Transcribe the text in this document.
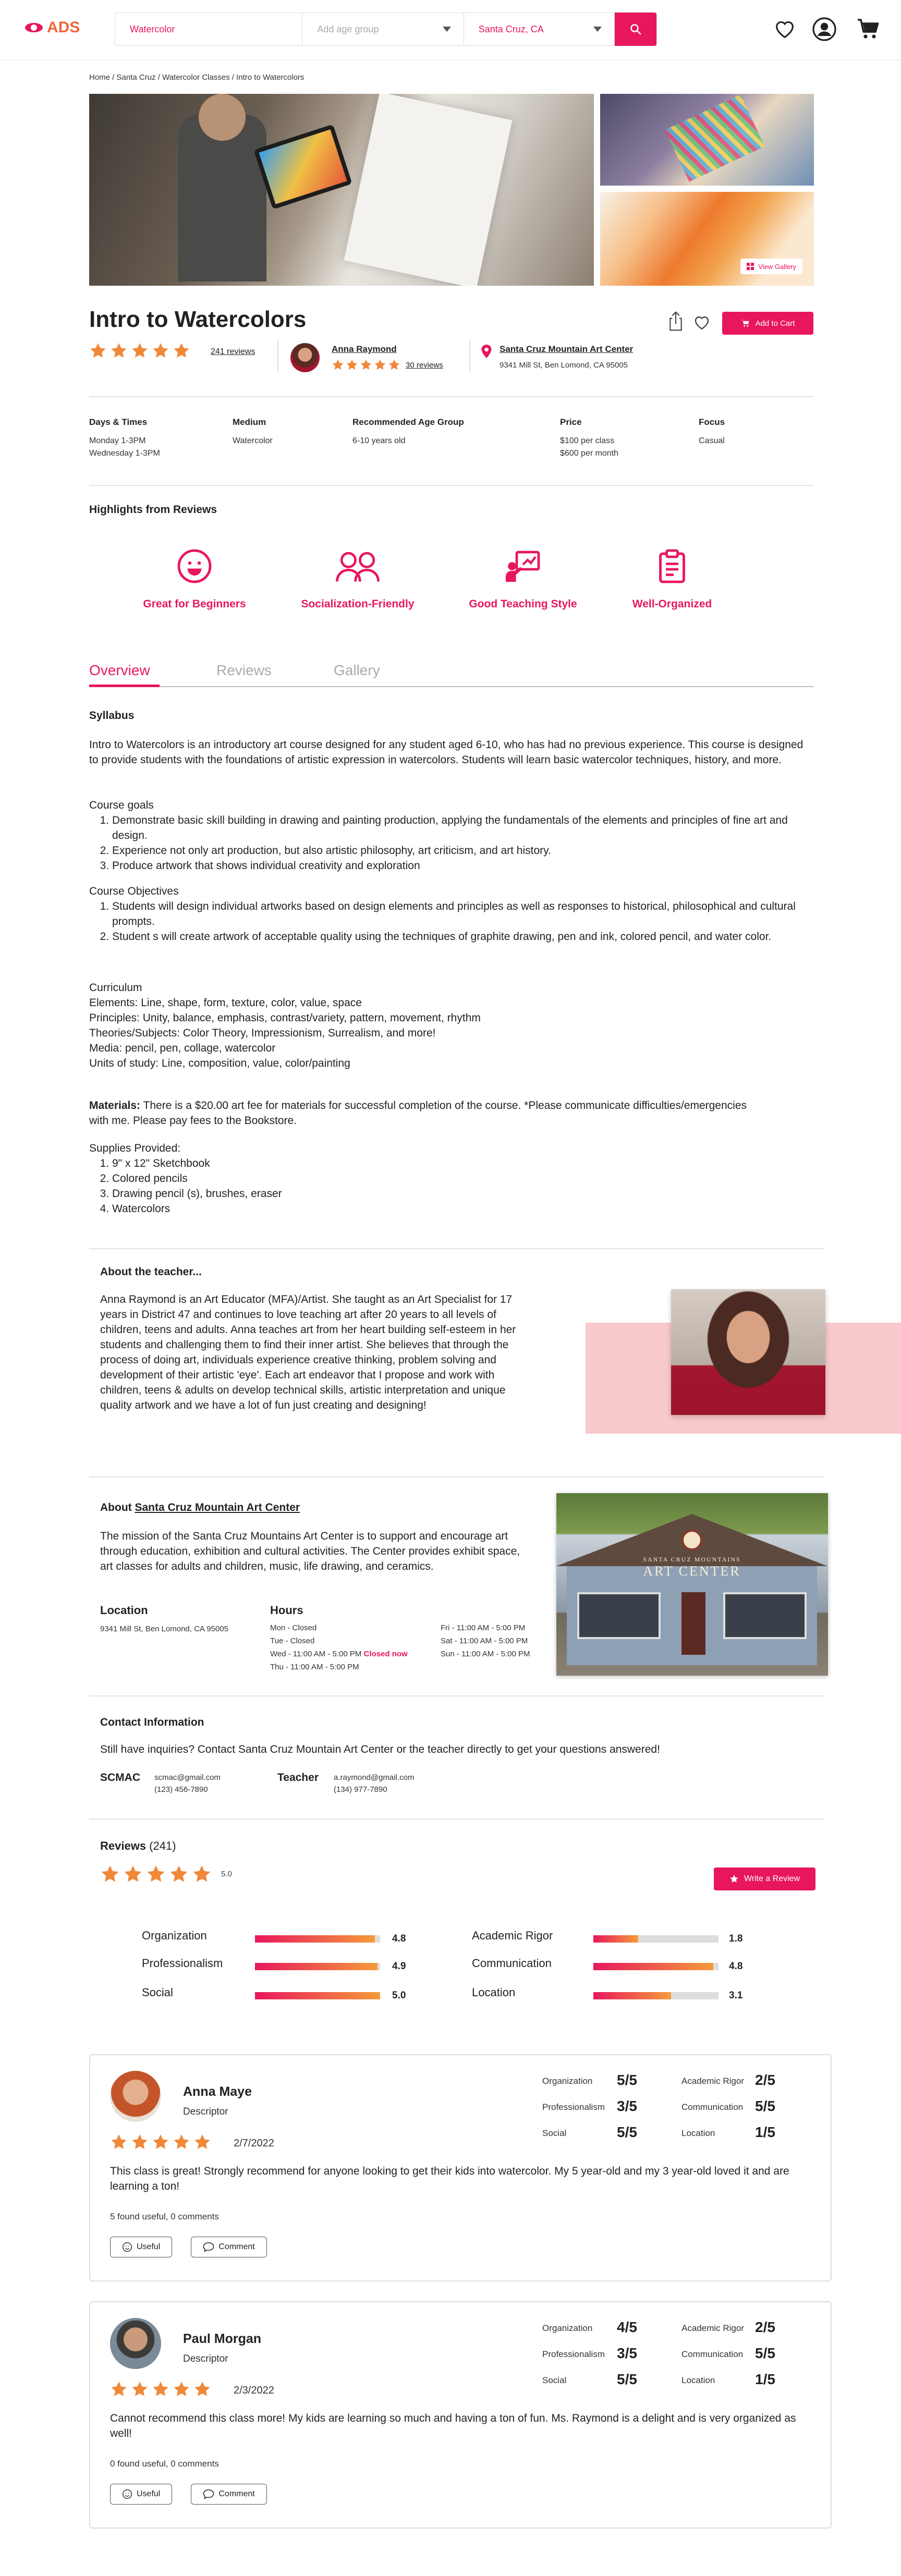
ADS	Watercolor	Add age group	Santa Cruz, CA
Home / Santa Cruz / Watercolor Classes / Intro to Watercolors
View Gallery
Intro to Watercolors
241 reviews	Anna Raymond
30 reviews
Santa Cruz Mountain Art Center
9341 Mill St, Ben Lomond, CA 95005
Add to Cart
Days & Times
Monday 1-3PM
Wednesday 1-3PM
Medium
Watercolor
Recommended Age Group
6-10 years old
Price
$100 per class
$600 per month
Focus
Casual
Highlights from Reviews
Great for Beginners	Socialization-Friendly	Good Teaching Style	Well-Organized
Overview	Reviews	Gallery
Syllabus
Intro to Watercolors is an introductory art course designed for any student aged 6-10, who has had no previous experience. This course is designed to provide students with the foundations of artistic expression in watercolors. Students will learn basic watercolor techniques, history, and more.
Course goals
1. Demonstrate basic skill building in drawing and painting production, applying the fundamentals of the elements and principles of fine art and design.
2. Experience not only art production, but also artistic philosophy, art criticism, and art history.
3. Produce artwork that shows individual creativity and exploration
Course Objectives
1. Students will design individual artworks based on design elements and principles as well as responses to historical, philosophical and cultural prompts.
2. Student s will create artwork of acceptable quality using the techniques of graphite drawing, pen and ink, colored pencil, and water color.
Curriculum
Elements: Line, shape, form, texture, color, value, space
Principles: Unity, balance, emphasis, contrast/variety, pattern, movement, rhythm
Theories/Subjects: Color Theory, Impressionism, Surrealism, and more!
Media: pencil, pen, collage, watercolor
Units of study: Line, composition, value, color/painting
Materials: There is a $20.00 art fee for materials for successful completion of the course. *Please communicate difficulties/emergencies with me. Please pay fees to the Bookstore.
Supplies Provided:
1. 9" x 12" Sketchbook
2. Colored pencils
3. Drawing pencil (s), brushes, eraser
4. Watercolors
About the teacher...
Anna Raymond is an Art Educator (MFA)/Artist. She taught as an Art Specialist for 17 years in District 47 and continues to love teaching art after 20 years to all levels of children, teens and adults. Anna teaches art from her heart building self-esteem in her students and challenging them to find their inner artist. She believes that through the process of doing art, individuals experience creative thinking, problem solving and development of their artistic 'eye'. Each art endeavor that I propose and work with children, teens & adults on develop technical skills, artistic interpretation and unique quality artwork and we have a lot of fun just creating and designing!
About Santa Cruz Mountain Art Center
The mission of the Santa Cruz Mountains Art Center is to support and encourage art through education, exhibition and cultural activities. The Center provides exhibit space, art classes for adults and children, music, life drawing, and ceramics.
Location
9341 Mill St, Ben Lomond, CA 95005
Hours
Mon - Closed
Tue - Closed
Wed - 11:00 AM - 5:00 PM Closed now
Thu - 11:00 AM - 5:00 PM
Fri - 11:00 AM - 5:00 PM
Sat - 11:00 AM - 5:00 PM
Sun - 11:00 AM - 5:00 PM
SANTA CRUZ MOUNTAINS
ART CENTER
Contact Information
Still have inquiries? Contact Santa Cruz Mountain Art Center or the teacher directly to get your questions answered!
SCMAC scmac@gmail.com
(123) 456-7890
Teacher a.raymond@gmail.com
(134) 977-7890
Reviews (241)
5.0
Write a Review
Organization	4.8
Professionalism	4.9
Social	5.0
Academic Rigor	1.8
Communication	4.8
Location	3.1
Anna Maye
Descriptor
2/7/2022
Organization 5/5	Academic Rigor 2/5
Professionalism 3/5	Communication 5/5
Social	5/5	Location	1/5
This class is great! Strongly recommend for anyone looking to get their kids into watercolor. My 5 year-old and my 3 year-old loved it and are learning a ton!
5 found useful, 0 comments
Useful	Comment
Paul Morgan
Descriptor
2/3/2022
Organization 4/5	Academic Rigor 2/5
Professionalism 3/5	Communication 5/5
Social	5/5	Location	1/5
Cannot recommend this class more! My kids are learning so much and having a ton of fun. Ms. Raymond is a delight and is very organized as well!
0 found useful, 0 comments
Useful	Comment
